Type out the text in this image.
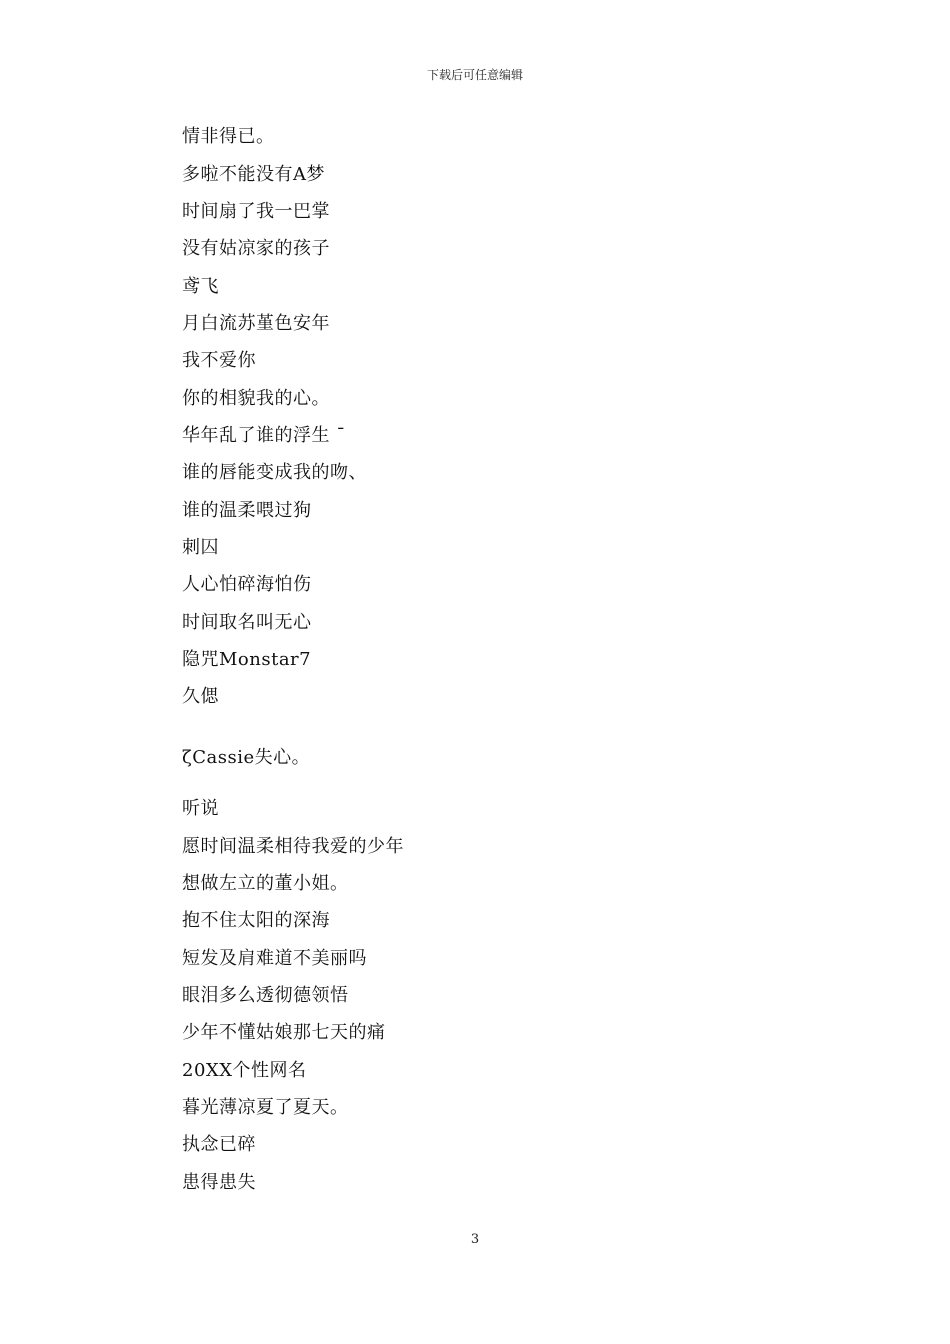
下载后可任意编辑
情非得已。
多啦不能没有A梦
时间扇了我一巴掌
没有姑凉家的孩子
鸢飞
月白流苏堇色安年
我不爱你
你的相貌我的心。
华年乱了谁的浮生 ˉ
谁的唇能变成我的吻、
谁的温柔喂过狗
刺囚
人心怕碎海怕伤
时间取名叫无心
隐咒Monstar7
久偲
ζCassie失心。
听说
愿时间温柔相待我爱的少年
想做左立的董小姐。
抱不住太阳的深海
短发及肩难道不美丽吗
眼泪多么透彻德领悟
少年不懂姑娘那七天的痛
20XX个性网名
暮光薄凉夏了夏天。
执念已碎
患得患失
3
